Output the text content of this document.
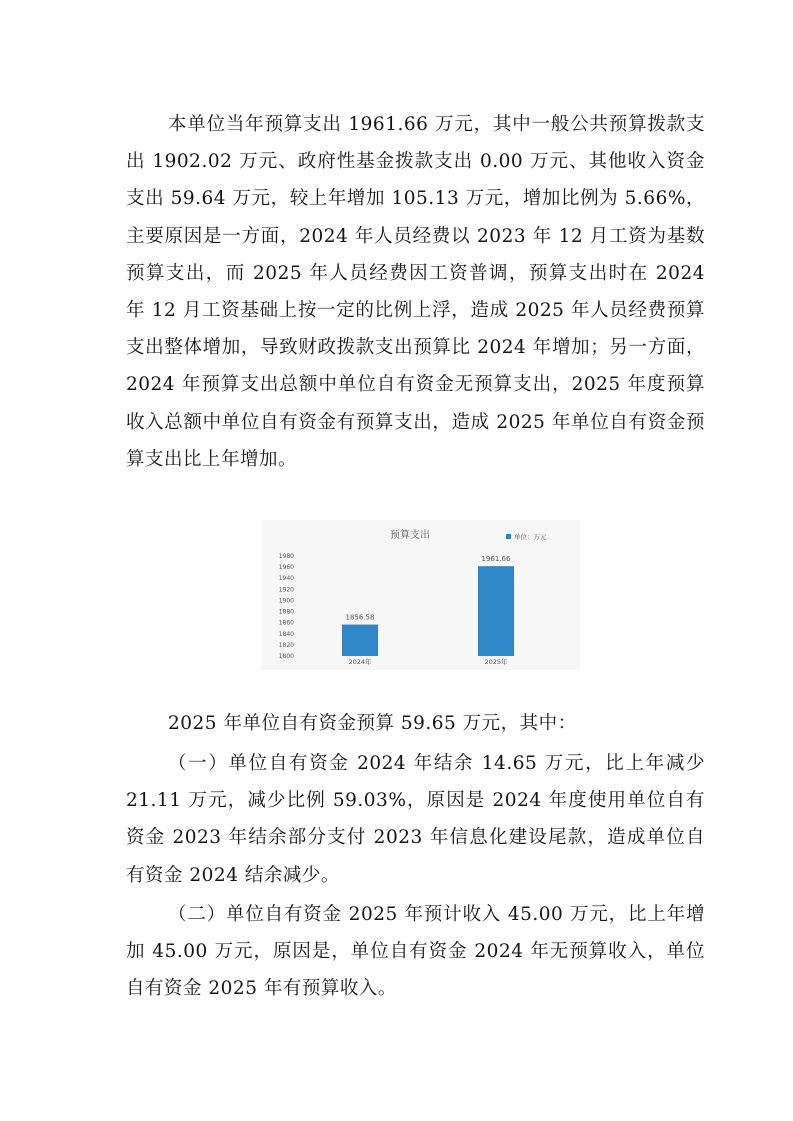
本单位当年预算支出 1961.66 万元，其中一般公共预算拨款支出 1902.02 万元、政府性基金拨款支出 0.00 万元、其他收入资金支出 59.64 万元，较上年增加 105.13 万元，增加比例为 5.66%，主要原因是一方面，2024 年人员经费以 2023 年 12 月工资为基数预算支出，而 2025 年人员经费因工资普调，预算支出时在 2024 年 12 月工资基础上按一定的比例上浮，造成 2025 年人员经费预算支出整体增加，导致财政拨款支出预算比 2024 年增加；另一方面，2024 年预算支出总额中单位自有资金无预算支出，2025 年度预算收入总额中单位自有资金有预算支出，造成 2025 年单位自有资金预算支出比上年增加。

预算支出	单位：万元
1800
1820
1840
1860
1880
1900
1920
1940
1960
1980
1856.58
2024年
1961.66
2025年

2025 年单位自有资金预算 59.65 万元，其中：

（一）单位自有资金 2024 年结余 14.65 万元，比上年减少 21.11 万元，减少比例 59.03%，原因是 2024 年度使用单位自有资金 2023 年结余部分支付 2023 年信息化建设尾款，造成单位自有资金 2024 结余减少。

（二）单位自有资金 2025 年预计收入 45.00 万元，比上年增加 45.00 万元，原因是，单位自有资金 2024 年无预算收入，单位自有资金 2025 年有预算收入。
